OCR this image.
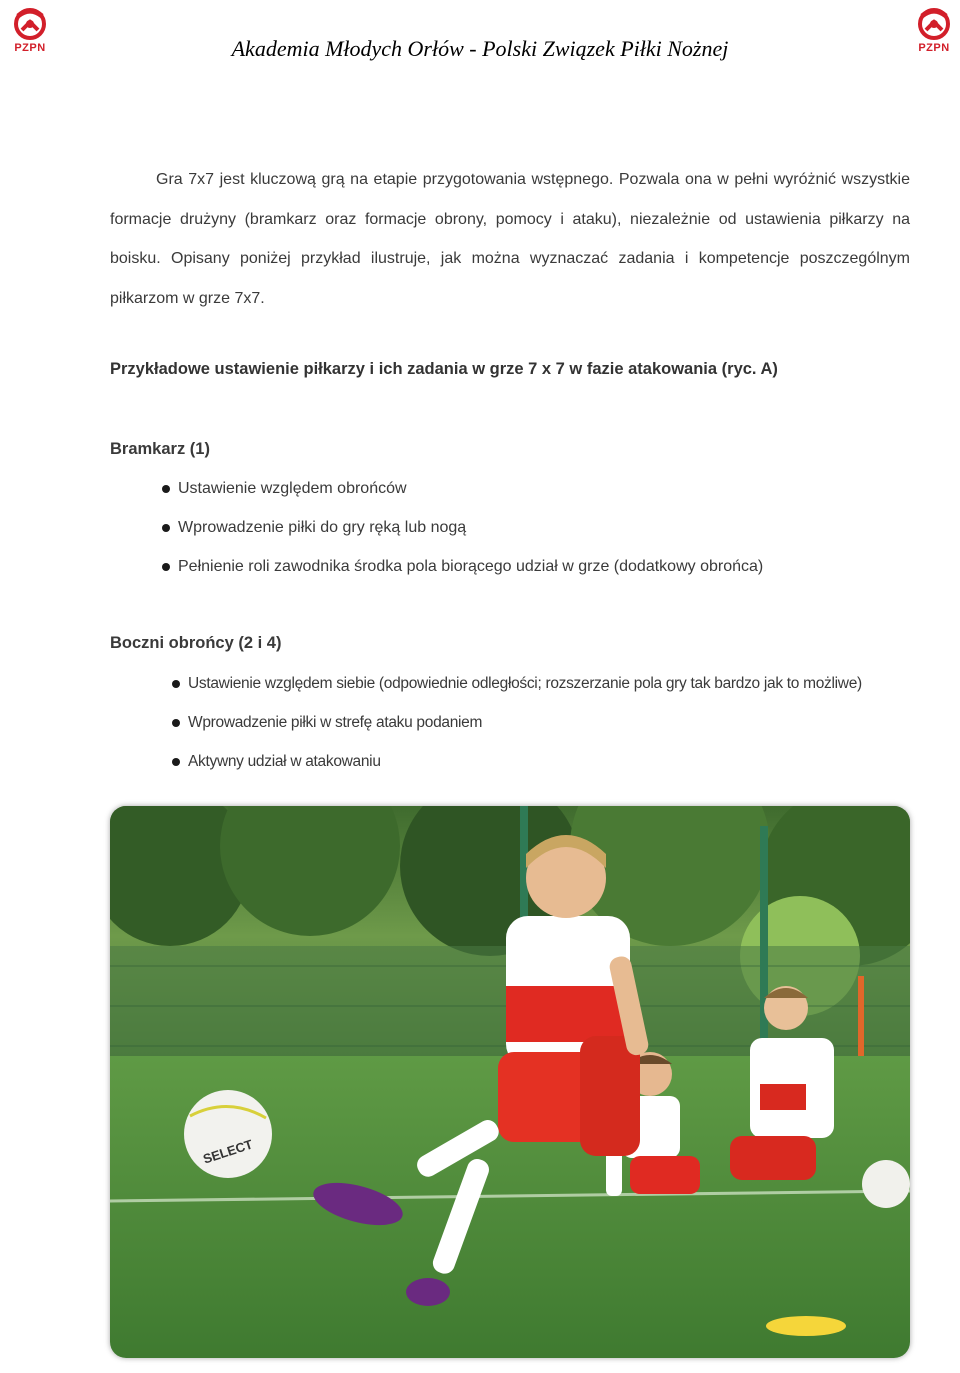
PZPN	PZPN
Akademia Młodych Orłów - Polski Związek Piłki Nożnej

Gra 7x7 jest kluczową grą na etapie przygotowania wstępnego. Pozwala ona w pełni wyróżnić wszystkie formacje drużyny (bramkarz oraz formacje obrony, pomocy i ataku), niezależnie od ustawienia piłkarzy na boisku. Opisany poniżej przykład ilustruje, jak można wyznaczać zadania i kompetencje poszczególnym piłkarzom w grze 7x7.

Przykładowe ustawienie piłkarzy i ich zadania w grze 7 x 7 w fazie atakowania (ryc. A)
Bramkarz (1)
Ustawienie względem obrońców
Wprowadzenie piłki do gry ręką lub nogą
Pełnienie roli zawodnika środka pola biorącego udział w grze (dodatkowy obrońca)
Boczni obrońcy (2 i 4)
Ustawienie względem siebie (odpowiednie odległości; rozszerzanie pola gry tak bardzo jak to możliwe)
Wprowadzenie piłki w strefę ataku podaniem
Aktywny udział w atakowaniu
SELECT
